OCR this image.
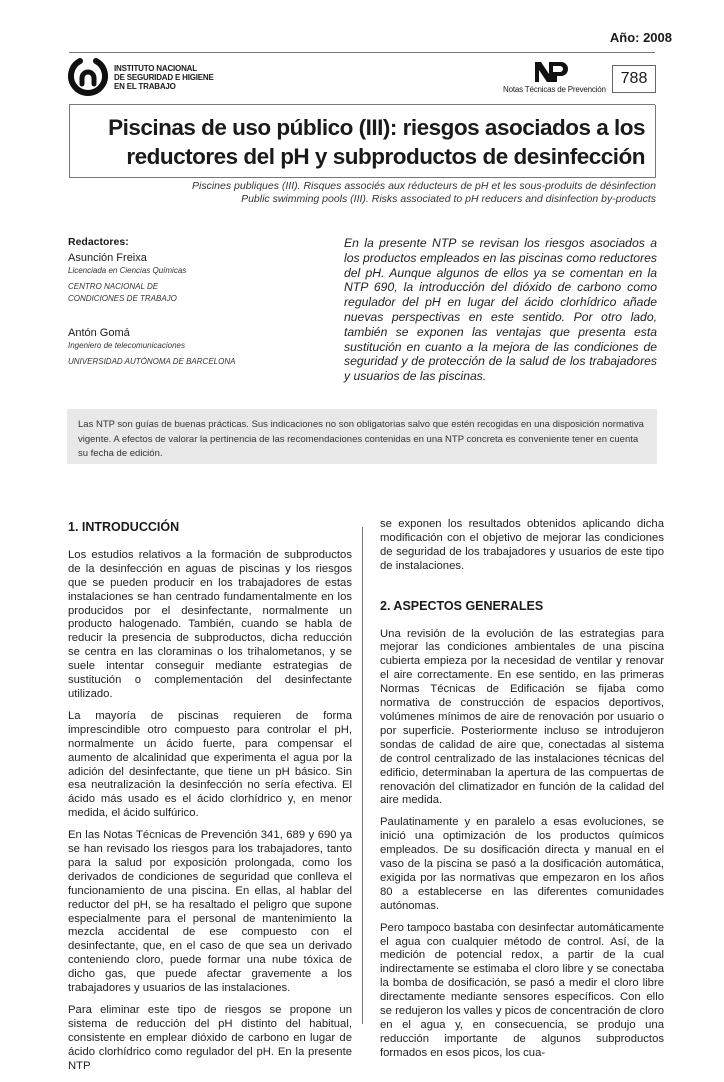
Año: 2008
INSTITUTO NACIONAL
DE SEGURIDAD E HIGIENE
EN EL TRABAJO	Notas Técnicas de Prevención
788
Piscinas de uso público (III): riesgos asociados a los
reductores del pH y subproductos de desinfección
Piscines publiques (III). Risques associés aux réducteurs de pH et les sous-produits de désinfection
Public swimming pools (III). Risks associated to pH reducers and disinfection by-products
Redactores:
Asunción Freixa
Licenciada en Ciencias Químicas
CENTRO NACIONAL DE
CONDICIONES DE TRABAJO
Antón Gomá
Ingeniero de telecomunicaciones
UNIVERSIDAD AUTÓNOMA DE BARCELONA
En la presente NTP se revisan los riesgos asociados a los productos empleados en las piscinas como reductores del pH. Aunque algunos de ellos ya se comentan en la NTP 690, la introducción del dióxido de carbono como regulador del pH en lugar del ácido clorhídrico añade nuevas perspectivas en este sentido. Por otro lado, también se exponen las ventajas que presenta esta sustitución en cuanto a la mejora de las condiciones de seguridad y de protección de la salud de los trabajadores y usuarios de las piscinas.

Las NTP son guías de buenas prácticas. Sus indicaciones no son obligatorias salvo que estén recogidas en una disposición normativa vigente. A efectos de valorar la pertinencia de las recomendaciones contenidas en una NTP concreta es conveniente tener en cuenta su fecha de edición.

1. INTRODUCCIÓN

Los estudios relativos a la formación de subproductos de la desinfección en aguas de piscinas y los riesgos que se pueden producir en los trabajadores de estas instalaciones se han centrado fundamentalmente en los producidos por el desinfectante, normalmente un producto halogenado. También, cuando se habla de reducir la presencia de subproductos, dicha reducción se centra en las cloraminas o los trihalometanos, y se suele intentar conseguir mediante estrategias de sustitución o complementación del desinfectante utilizado.

La mayoría de piscinas requieren de forma imprescindible otro compuesto para controlar el pH, normalmente un ácido fuerte, para compensar el aumento de alcalinidad que experimenta el agua por la adición del desinfectante, que tiene un pH básico. Sin esa neutralización la desinfección no sería efectiva. El ácido más usado es el ácido clorhídrico y, en menor medida, el ácido sulfúrico.

En las Notas Técnicas de Prevención 341, 689 y 690 ya se han revisado los riesgos para los trabajadores, tanto para la salud por exposición prolongada, como los derivados de condiciones de seguridad que conlleva el funcionamiento de una piscina. En ellas, al hablar del reductor del pH, se ha resaltado el peligro que supone especialmente para el personal de mantenimiento la mezcla accidental de ese compuesto con el desinfectante, que, en el caso de que sea un derivado conteniendo cloro, puede formar una nube tóxica de dicho gas, que puede afectar gravemente a los trabajadores y usuarios de las instalaciones.

Para eliminar este tipo de riesgos se propone un sistema de reducción del pH distinto del habitual, consistente en emplear dióxido de carbono en lugar de ácido clorhídrico como regulador del pH. En la presente NTP

se exponen los resultados obtenidos aplicando dicha modificación con el objetivo de mejorar las condiciones de seguridad de los trabajadores y usuarios de este tipo de instalaciones.

2. ASPECTOS GENERALES

Una revisión de la evolución de las estrategias para mejorar las condiciones ambientales de una piscina cubierta empieza por la necesidad de ventilar y renovar el aire correctamente. En ese sentido, en las primeras Normas Técnicas de Edificación se fijaba como normativa de construcción de espacios deportivos, volúmenes mínimos de aire de renovación por usuario o por superficie. Posteriormente incluso se introdujeron sondas de calidad de aire que, conectadas al sistema de control centralizado de las instalaciones técnicas del edificio, determinaban la apertura de las compuertas de renovación del climatizador en función de la calidad del aire medida.

Paulatinamente y en paralelo a esas evoluciones, se inició una optimización de los productos químicos empleados. De su dosificación directa y manual en el vaso de la piscina se pasó a la dosificación automática, exigida por las normativas que empezaron en los años 80 a establecerse en las diferentes comunidades autónomas.

Pero tampoco bastaba con desinfectar automáticamente el agua con cualquier método de control. Así, de la medición de potencial redox, a partir de la cual indirectamente se estimaba el cloro libre y se conectaba la bomba de dosificación, se pasó a medir el cloro libre directamente mediante sensores específicos. Con ello se redujeron los valles y picos de concentración de cloro en el agua y, en consecuencia, se produjo una reducción importante de algunos subproductos formados en esos picos, los cua-
